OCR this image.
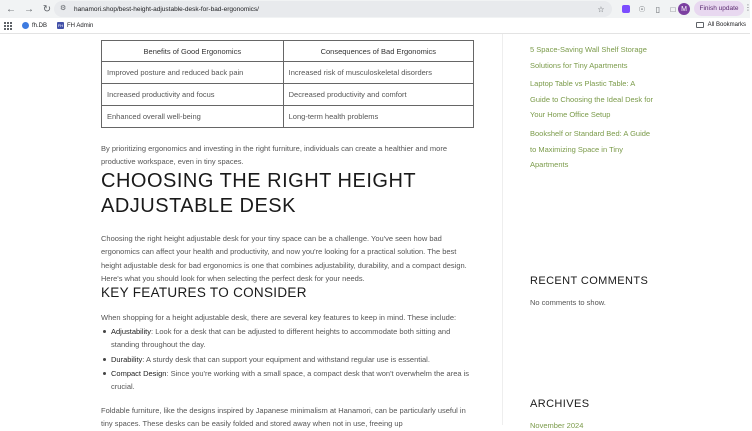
← → ↻	⚙ hanamori.shop/best-height-adjustable-desk-for-bad-ergonomics/	☆	☉	▯	□ M	Finish update ⋮
fh.DB	FH FH Admin	All Bookmarks
Benefits of Good Ergonomics	Consequences of Bad Ergonomics
Improved posture and reduced back pain	Increased risk of musculoskeletal disorders
Increased productivity and focus	Decreased productivity and comfort
Enhanced overall well-being	Long-term health problems

By prioritizing ergonomics and investing in the right furniture, individuals can create a healthier and more productive workspace, even in tiny spaces.

CHOOSING THE RIGHT HEIGHT ADJUSTABLE DESK

Choosing the right height adjustable desk for your tiny space can be a challenge. You've seen how bad ergonomics can affect your health and productivity, and now you're looking for a practical solution. The best height adjustable desk for bad ergonomics is one that combines adjustability, durability, and a compact design. Here's what you should look for when selecting the perfect desk for your needs.

KEY FEATURES TO CONSIDER

When shopping for a height adjustable desk, there are several key features to keep in mind. These include:

Adjustability: Look for a desk that can be adjusted to different heights to accommodate both sitting and standing throughout the day.
Durability: A sturdy desk that can support your equipment and withstand regular use is essential.
Compact Design: Since you're working with a small space, a compact desk that won't overwhelm the area is crucial.

Foldable furniture, like the designs inspired by Japanese minimalism at Hanamori, can be particularly useful in tiny spaces. These desks can be easily folded and stored away when not in use, freeing up

5 Space-Saving Wall Shelf Storage Solutions for Tiny Apartments
Laptop Table vs Plastic Table: A Guide to Choosing the Ideal Desk for Your Home Office Setup
Bookshelf or Standard Bed: A Guide to Maximizing Space in Tiny Apartments
RECENT COMMENTS
No comments to show.
ARCHIVES
November 2024
